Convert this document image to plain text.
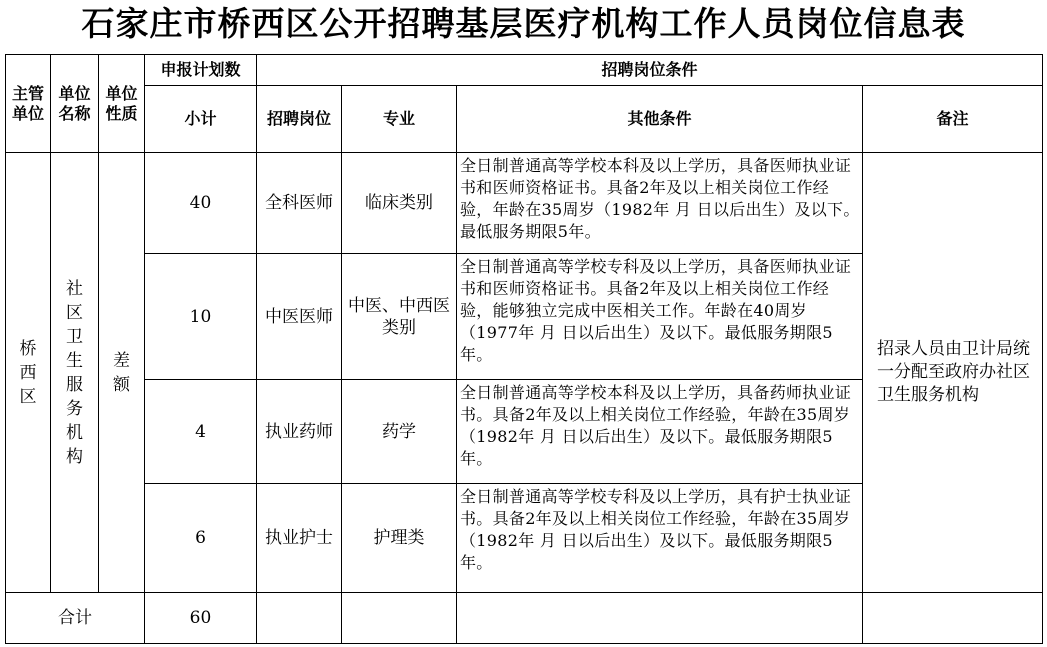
石家庄市桥西区公开招聘基层医疗机构工作人员岗位信息表
主管单位	单位名称	单位性质	申报计划数	招聘岗位条件			
			小计	招聘岗位	专业	其他条件	备注
桥西区	社区卫生服务机构	差额	40	全科医师	临床类别	全日制普通高等学校本科及以上学历，具备医师执业证书和医师资格证书。具备2年及以上相关岗位工作经验，年龄在35周岁（1982年 月 日以后出生）及以下。最低服务期限5年。	招录人员由卫计局统一分配至政府办社区卫生服务机构
			10	中医医师	中医、中西医类别	全日制普通高等学校专科及以上学历，具备医师执业证书和医师资格证书。具备2年及以上相关岗位工作经验，能够独立完成中医相关工作。年龄在40周岁（1977年 月 日以后出生）及以下。最低服务期限5年。	
			4	执业药师	药学	全日制普通高等学校本科及以上学历，具备药师执业证书。具备2年及以上相关岗位工作经验，年龄在35周岁（1982年 月 日以后出生）及以下。最低服务期限5年。	
			6	执业护士	护理类	全日制普通高等学校专科及以上学历，具有护士执业证书。具备2年及以上相关岗位工作经验，年龄在35周岁（1982年 月 日以后出生）及以下。最低服务期限5年。	
合计			60				
